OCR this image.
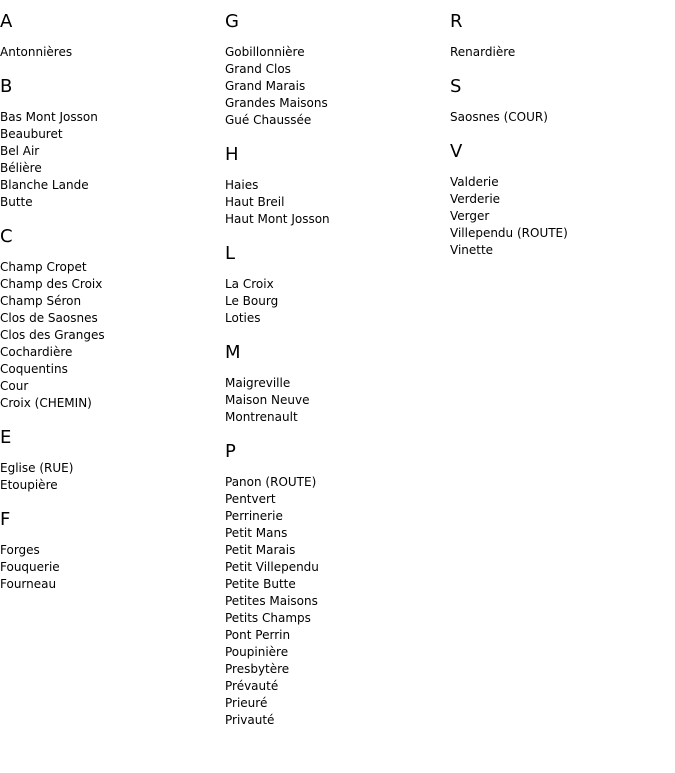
A
Antonnières
B
Bas Mont Josson
Beauburet
Bel Air
Bélière
Blanche Lande
Butte
C
Champ Cropet
Champ des Croix
Champ Séron
Clos de Saosnes
Clos des Granges
Cochardière
Coquentins
Cour
Croix (CHEMIN)
E
Eglise (RUE)
Etoupière
F
Forges
Fouquerie
Fourneau
G
Gobillonnière
Grand Clos
Grand Marais
Grandes Maisons
Gué Chaussée
H
Haies
Haut Breil
Haut Mont Josson
L
La Croix
Le Bourg
Loties
M
Maigreville
Maison Neuve
Montrenault
P
Panon (ROUTE)
Pentvert
Perrinerie
Petit Mans
Petit Marais
Petit Villependu
Petite Butte
Petites Maisons
Petits Champs
Pont Perrin
Poupinière
Presbytère
Prévauté
Prieuré
Privauté
R
Renardière
S
Saosnes (COUR)
V
Valderie
Verderie
Verger
Villependu (ROUTE)
Vinette
